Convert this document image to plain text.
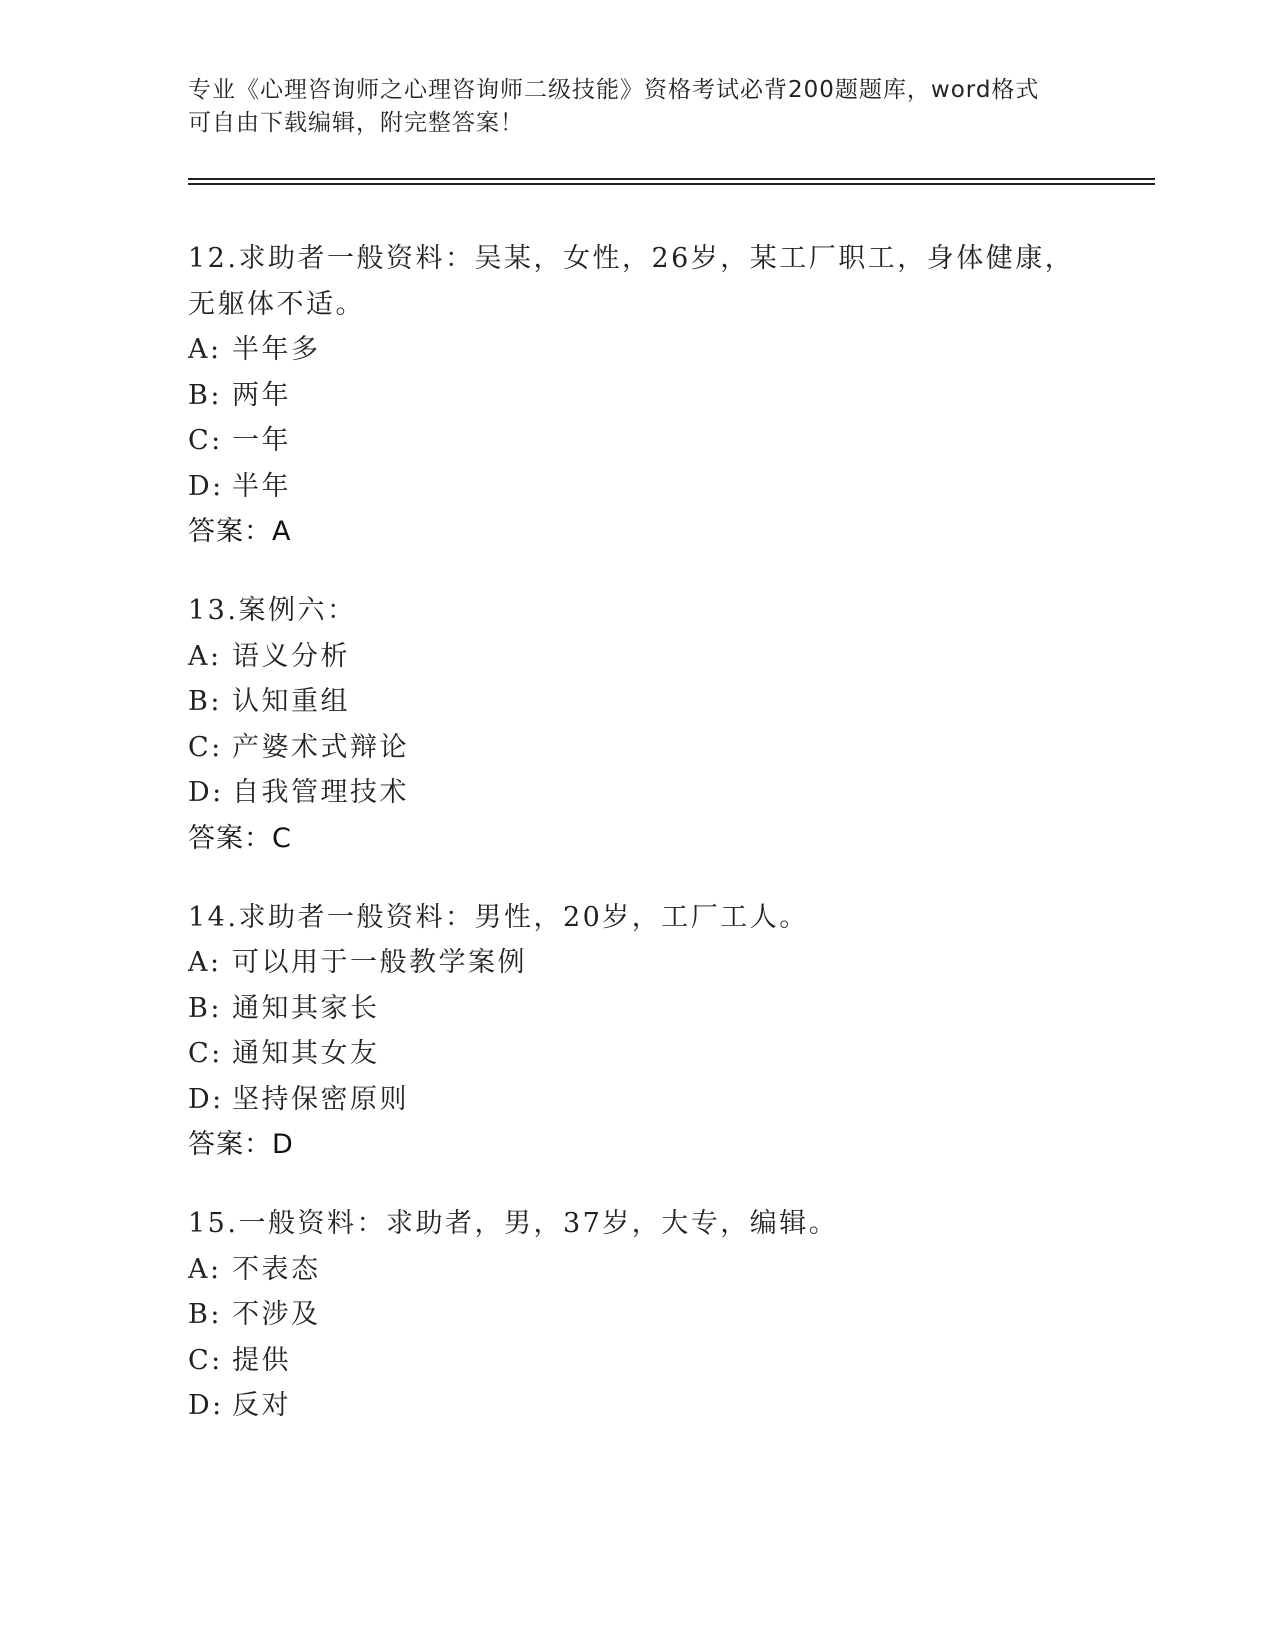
专业《心理咨询师之心理咨询师二级技能》资格考试必背200题题库，word格式
可自由下载编辑，附完整答案！
12.求助者一般资料：吴某，女性，26岁，某工厂职工，身体健康，无躯体不适。
A: 半年多
B: 两年
C: 一年
D: 半年
答案：A
13.案例六：
A: 语义分析
B: 认知重组
C: 产婆术式辩论
D: 自我管理技术
答案：C
14.求助者一般资料：男性，20岁，工厂工人。
A: 可以用于一般教学案例
B: 通知其家长
C: 通知其女友
D: 坚持保密原则
答案：D
15.一般资料：求助者，男，37岁，大专，编辑。
A: 不表态
B: 不涉及
C: 提供
D: 反对
